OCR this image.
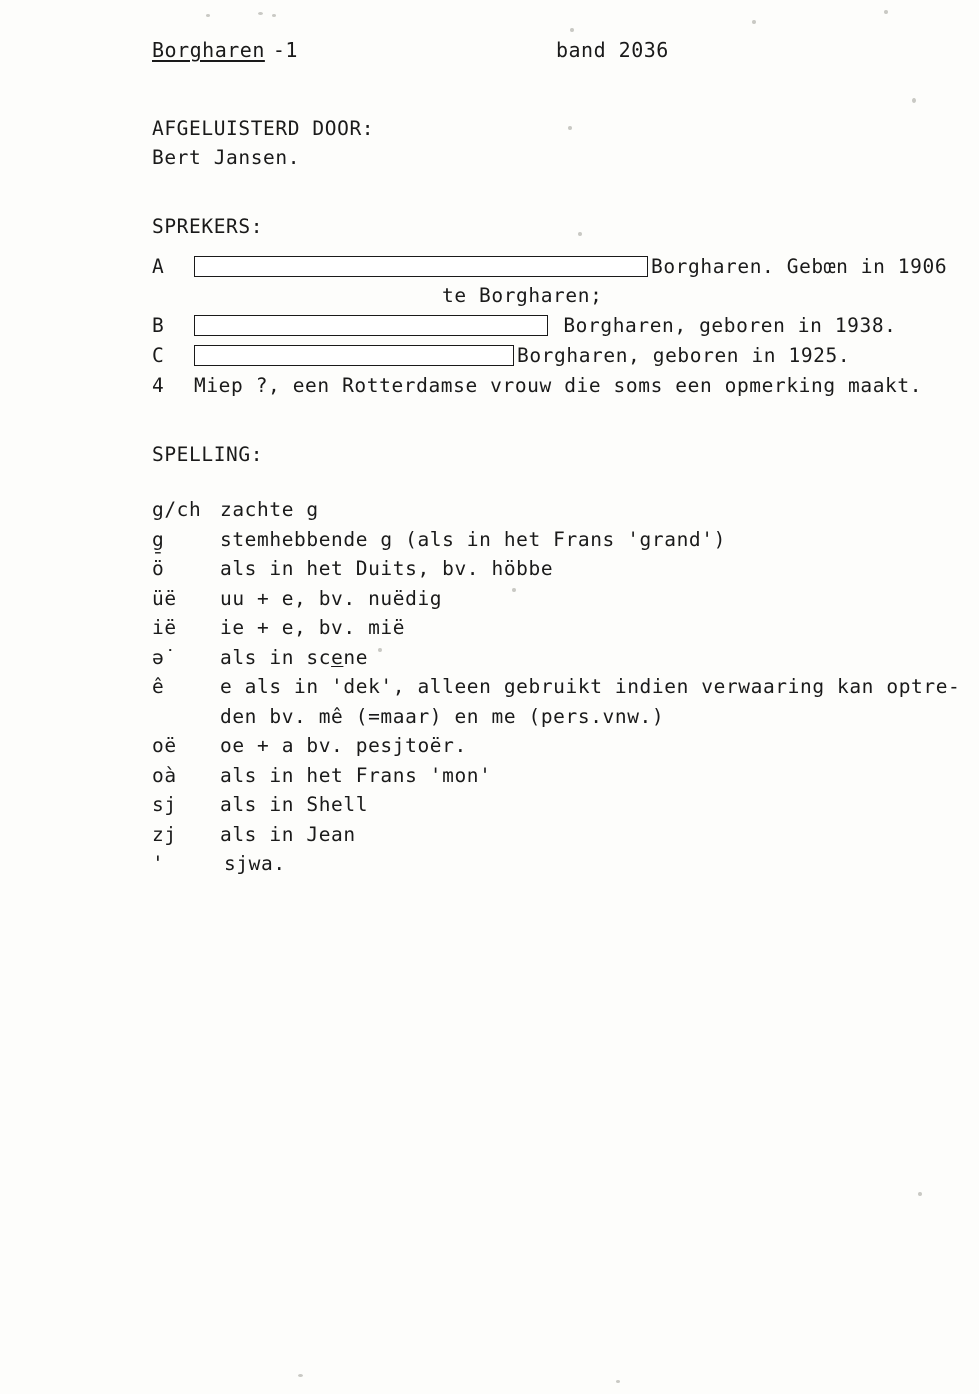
Borgharen -1	band 2036
AFGELUISTERD DOOR:
Bert Jansen.
SPREKERS:
A	Borgharen. Gebœn in 1906
te Borgharen;
B	Borgharen, geboren in 1938.
C	Borgharen, geboren in 1925.
4	Miep ?, een Rotterdamse vrouw die soms een opmerking maakt.
SPELLING:
g/ch zachte g
g̱	stemhebbende g (als in het Frans 'grand')
ö	als in het Duits, bv. höbbe
üë	uu + e, bv. nuëdig
ië	ie + e, bv. mië
ə˙	als in scene
ê	e als in 'dek', alleen gebruikt indien verwaaring kan optre-
den bv. mê (=maar) en me (pers.vnw.)
oë	oe + a bv. pesjtoër.
oà	als in het Frans 'mon'
sj	als in Shell
zj	als in Jean
'	sjwa.
